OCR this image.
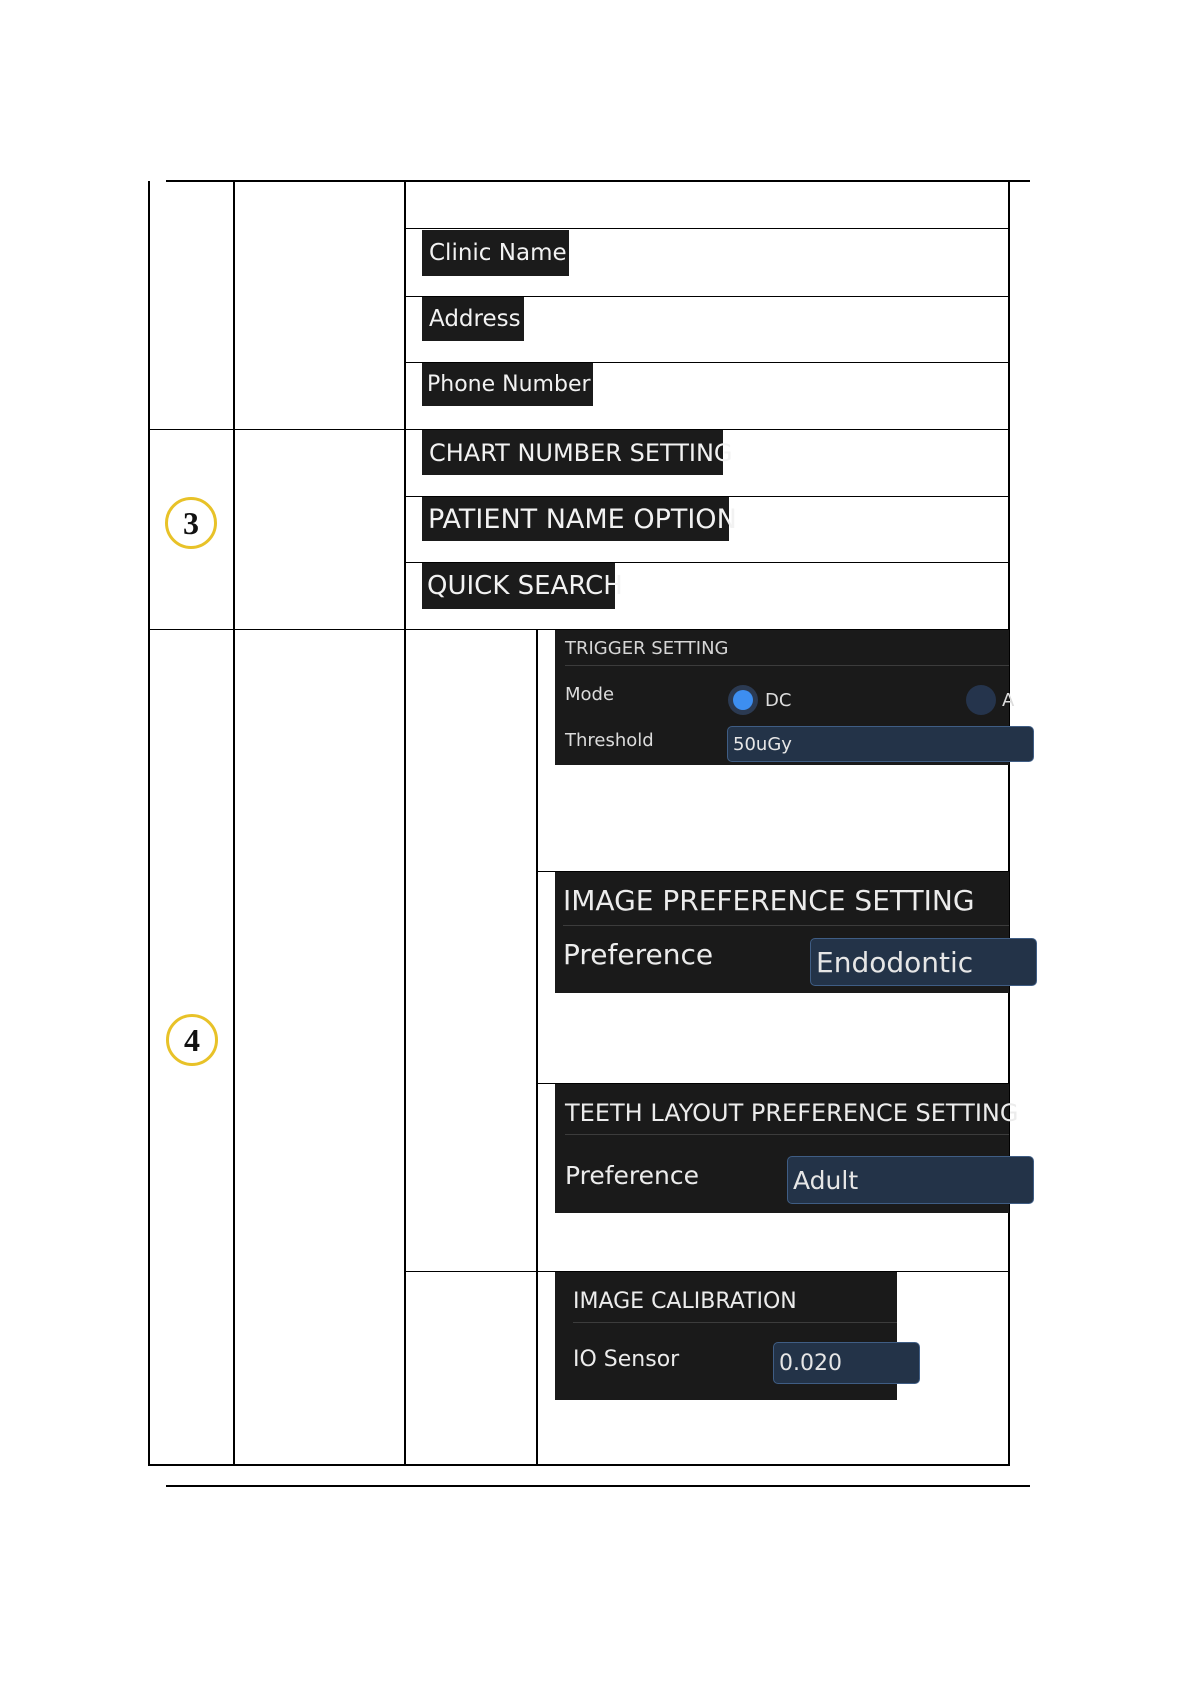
Clinic Name
Address
Phone Number
3
CHART NUMBER SETTING
PATIENT NAME OPTION
QUICK SEARCH
4
TRIGGER SETTING
Mode	DC	A
Threshold	50uGy
IMAGE PREFERENCE SETTING
Preference	Endodontic
TEETH LAYOUT PREFERENCE SETTING
Preference	Adult
IMAGE CALIBRATION
IO Sensor	0.020
